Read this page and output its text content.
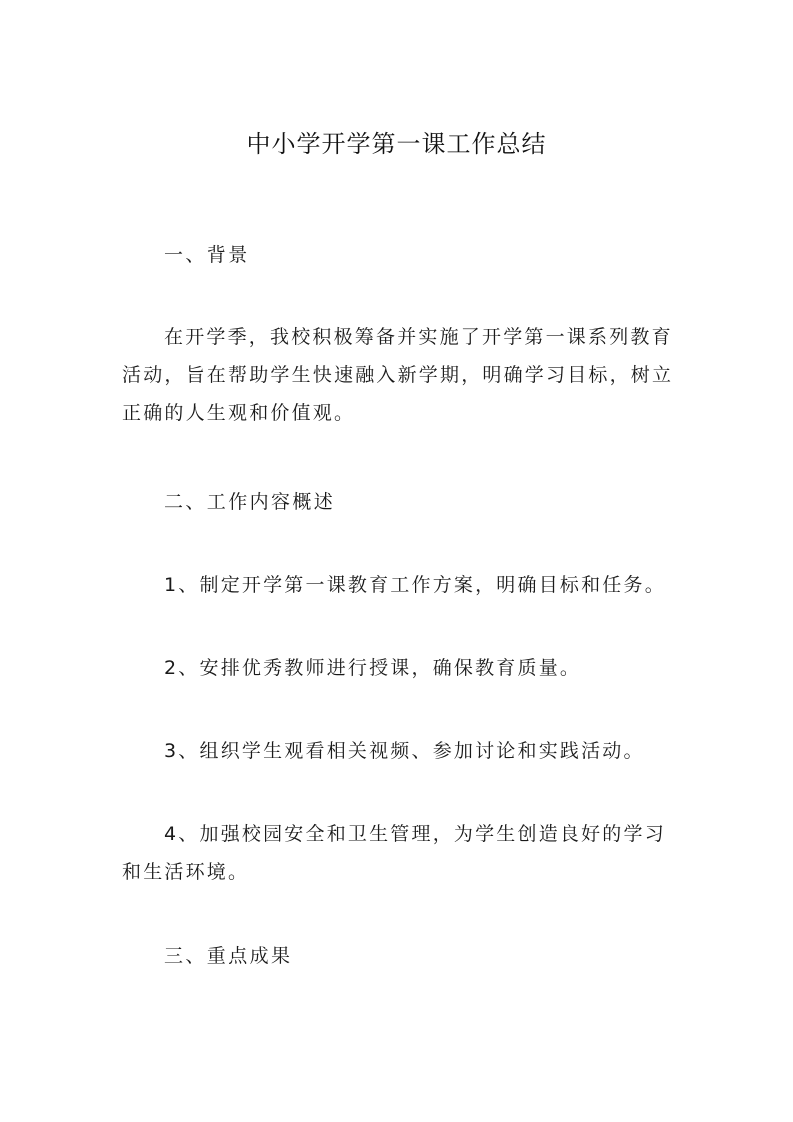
中小学开学第一课工作总结

一、背景

在开学季，我校积极筹备并实施了开学第一课系列教育活动，旨在帮助学生快速融入新学期，明确学习目标，树立正确的人生观和价值观。

二、工作内容概述

1、制定开学第一课教育工作方案，明确目标和任务。

2、安排优秀教师进行授课，确保教育质量。

3、组织学生观看相关视频、参加讨论和实践活动。

4、加强校园安全和卫生管理，为学生创造良好的学习和生活环境。

三、重点成果
